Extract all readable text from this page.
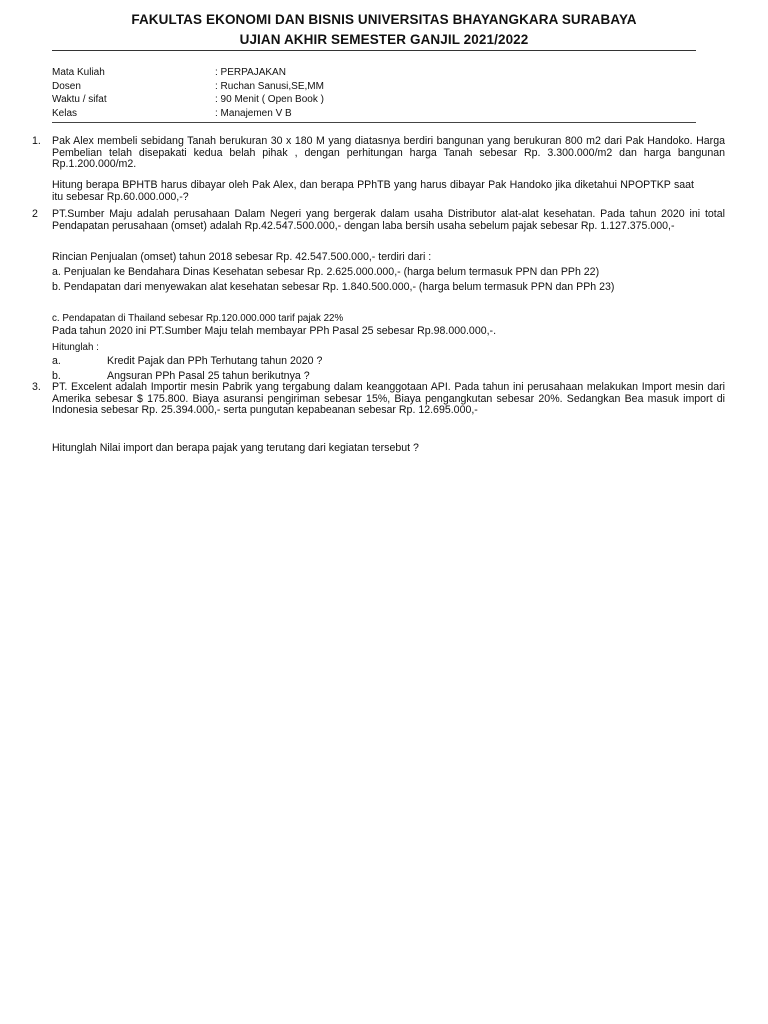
FAKULTAS EKONOMI DAN BISNIS UNIVERSITAS BHAYANGKARA SURABAYA
UJIAN AKHIR SEMESTER GANJIL 2021/2022
Mata Kuliah	: PERPAJAKAN
Dosen	: Ruchan Sanusi,SE,MM
Waktu / sifat	: 90 Menit ( Open Book )
Kelas	: Manajemen V B
1. Pak Alex membeli sebidang Tanah berukuran 30 x 180 M yang diatasnya berdiri bangunan yang berukuran 800 m2 dari Pak Handoko. Harga Pembelian telah disepakati kedua belah pihak , dengan perhitungan harga Tanah sebesar Rp. 3.300.000/m2 dan harga bangunan Rp.1.200.000/m2.
Hitung berapa BPHTB harus dibayar oleh Pak Alex, dan berapa PPhTB yang harus dibayar Pak Handoko jika diketahui NPOPTKP saat itu sebesar Rp.60.000.000,-?
2 PT.Sumber Maju adalah perusahaan Dalam Negeri yang bergerak dalam usaha Distributor alat-alat kesehatan. Pada tahun 2020 ini total Pendapatan perusahaan (omset) adalah Rp.42.547.500.000,- dengan laba bersih usaha sebelum pajak sebesar Rp. 1.127.375.000,-
Rincian Penjualan (omset) tahun 2018 sebesar Rp. 42.547.500.000,- terdiri dari :
a. Penjualan ke Bendahara Dinas Kesehatan sebesar Rp. 2.625.000.000,- (harga belum termasuk PPN dan PPh 22)
b. Pendapatan dari menyewakan alat kesehatan sebesar Rp. 1.840.500.000,- (harga belum termasuk PPN dan PPh 23)
c. Pendapatan di Thailand sebesar Rp.120.000.000 tarif pajak 22%
Pada tahun 2020 ini PT.Sumber Maju telah membayar PPh Pasal 25 sebesar Rp.98.000.000,-.
Hitunglah :
a.	Kredit Pajak dan PPh Terhutang tahun 2020 ?
b.	Angsuran PPh Pasal 25 tahun berikutnya ?
3. PT. Excelent adalah Importir mesin Pabrik yang tergabung dalam keanggotaan API. Pada tahun ini perusahaan melakukan Import mesin dari Amerika sebesar $ 175.800. Biaya asuransi pengiriman sebesar 15%, Biaya pengangkutan sebesar 20%. Sedangkan Bea masuk import di Indonesia sebesar Rp. 25.394.000,- serta pungutan kepabeanan sebesar Rp. 12.695.000,-
Hitunglah Nilai import dan berapa pajak yang terutang dari kegiatan tersebut ?
